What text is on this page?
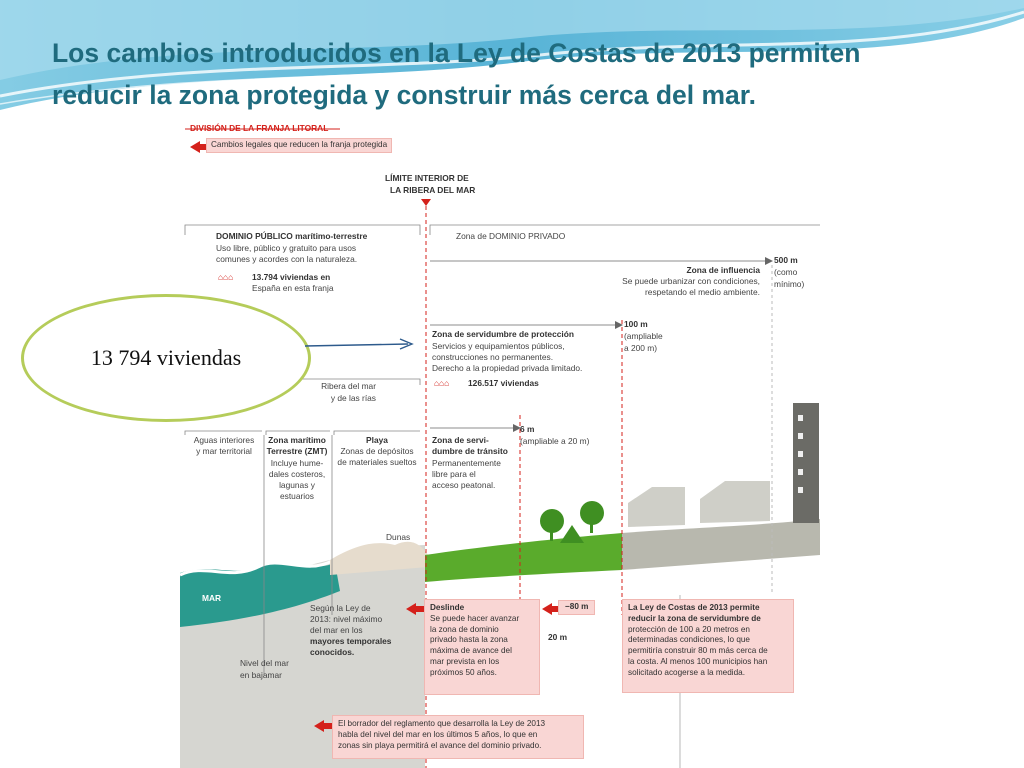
Los cambios introducidos en la Ley de Costas de 2013 permiten
reducir la zona protegida y construir más cerca del mar.
DIVISIÓN DE LA FRANJA LITORAL
Cambios legales que reducen la franja protegida
LÍMITE INTERIOR DE
LA RIBERA DEL MAR
DOMINIO PÚBLICO marítimo-terrestre
Uso libre, público y gratuito para usos
comunes y acordes con la naturaleza.
⌂⌂⌂ 13.794 viviendas en
España en esta franja
Zona de DOMINIO PRIVADO
Zona de influencia
Se puede urbanizar con condiciones,
respetando el medio ambiente.
500 m
(como
mínimo)
Zona de servidumbre de protección
Servicios y equipamientos públicos,
construcciones no permanentes.
Derecho a la propiedad privada limitado.
⌂⌂⌂ 126.517 viviendas
100 m
(ampliable
a 200 m)
Ribera del mar
y de las rías
Zona de servi-
dumbre de tránsito
Permanentemente
libre para el
acceso peatonal.
6 m
(ampliable a 20 m)
Aguas interiores
y mar territorial
Zona marítimo
Terrestre (ZMT)
Incluye hume-
dales costeros,
lagunas y
estuarios
Playa
Zonas de depósitos
de materiales sueltos
Dunas
MAR
Nivel del mar
en bajamar
Según la Ley de
2013: nivel máximo
del mar en los
mayores temporales
conocidos.
Deslinde
Se puede hacer avanzar
la zona de dominio
privado hasta la zona
máxima de avance del
mar prevista en los
próximos 50 años.
−80 m
20 m
La Ley de Costas de 2013 permite
reducir la zona de servidumbre de
protección de 100 a 20 metros en
determinadas condiciones, lo que
permitiría construir 80 m más cerca de
la costa. Al menos 100 municipios han
solicitado acogerse a la medida.
El borrador del reglamento que desarrolla la Ley de 2013
habla del nivel del mar en los últimos 5 años, lo que en
zonas sin playa permitirá el avance del dominio privado.
13 794 viviendas
